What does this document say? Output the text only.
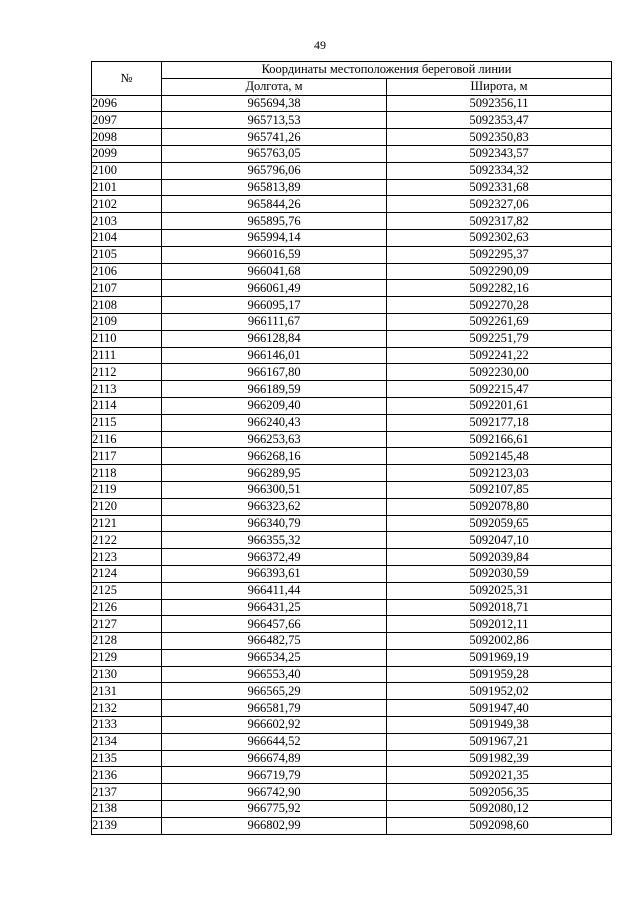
49
№	Координаты местоположения береговой линии	
	Долгота, м	Широта, м
2096	965694,38	5092356,11
2097	965713,53	5092353,47
2098	965741,26	5092350,83
2099	965763,05	5092343,57
2100	965796,06	5092334,32
2101	965813,89	5092331,68
2102	965844,26	5092327,06
2103	965895,76	5092317,82
2104	965994,14	5092302,63
2105	966016,59	5092295,37
2106	966041,68	5092290,09
2107	966061,49	5092282,16
2108	966095,17	5092270,28
2109	966111,67	5092261,69
2110	966128,84	5092251,79
2111	966146,01	5092241,22
2112	966167,80	5092230,00
2113	966189,59	5092215,47
2114	966209,40	5092201,61
2115	966240,43	5092177,18
2116	966253,63	5092166,61
2117	966268,16	5092145,48
2118	966289,95	5092123,03
2119	966300,51	5092107,85
2120	966323,62	5092078,80
2121	966340,79	5092059,65
2122	966355,32	5092047,10
2123	966372,49	5092039,84
2124	966393,61	5092030,59
2125	966411,44	5092025,31
2126	966431,25	5092018,71
2127	966457,66	5092012,11
2128	966482,75	5092002,86
2129	966534,25	5091969,19
2130	966553,40	5091959,28
2131	966565,29	5091952,02
2132	966581,79	5091947,40
2133	966602,92	5091949,38
2134	966644,52	5091967,21
2135	966674,89	5091982,39
2136	966719,79	5092021,35
2137	966742,90	5092056,35
2138	966775,92	5092080,12
2139	966802,99	5092098,60
